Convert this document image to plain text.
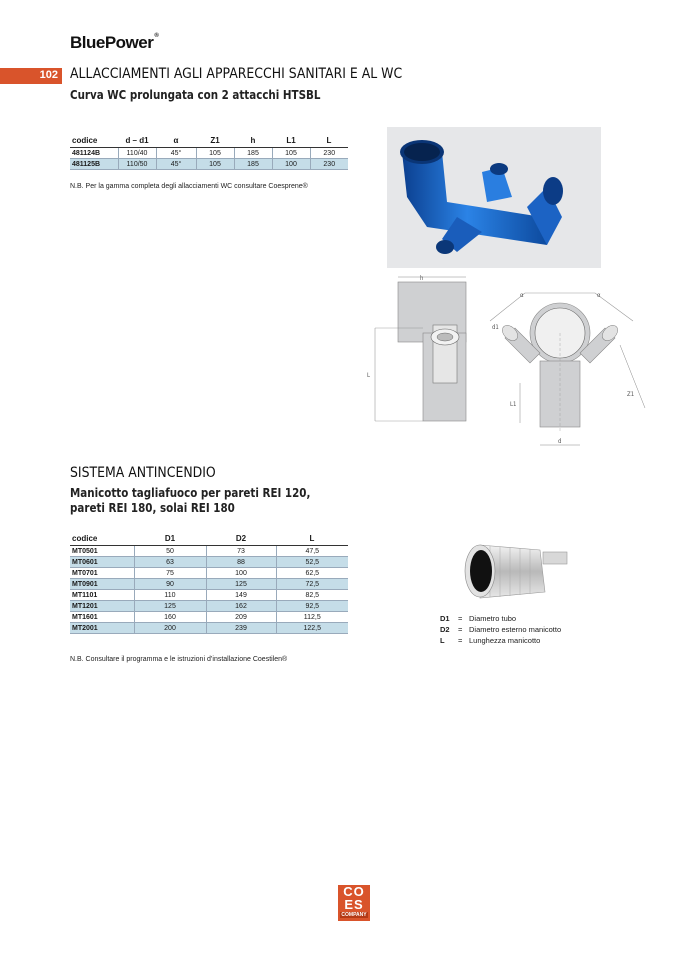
BluePower®
102 ALLACCIAMENTI AGLI APPARECCHI SANITARI E AL WC
Curva WC prolungata con 2 attacchi HTSBL
codice	d – d1	α	Z1	h	L1	L
481124B	110/40	45°	105	185	105	230
481125B	110/50	45°	105	185	100	230
N.B. Per la gamma completa degli allacciamenti WC consultare Coesprene®
h
L
α	α
d1
L1
Z1
d
SISTEMA ANTINCENDIO
Manicotto tagliafuoco per pareti REI 120,
pareti REI 180, solai REI 180
codice	D1	D2	L
MT0501	50	73	47,5
MT0601	63	88	52,5
MT0701	75	100	62,5
MT0901	90	125	72,5
MT1101	110	149	82,5
MT1201	125	162	92,5
MT1601	160	209	112,5
MT2001	200	239	122,5
N.B. Consultare il programma e le istruzioni d’installazione Coestilen®
D1 = Diametro tubo
D2 = Diametro esterno manicotto
L = Lunghezza manicotto
CO
ES
COMPANY
